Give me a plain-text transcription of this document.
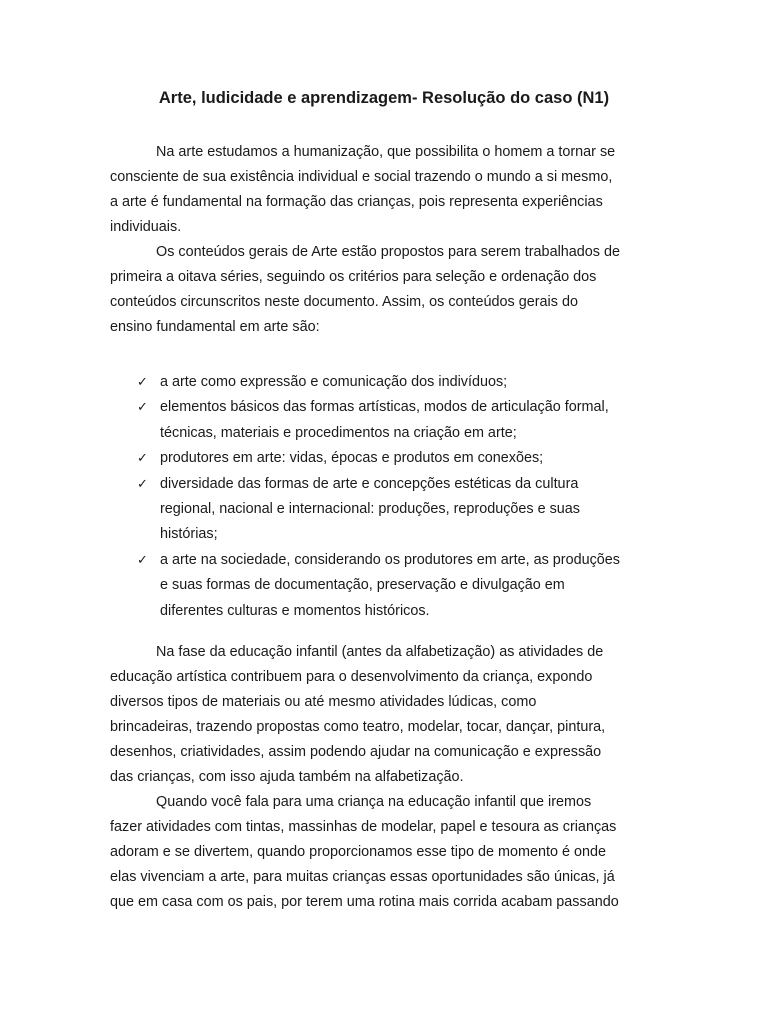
Arte, ludicidade e aprendizagem- Resolução do caso (N1)

Na arte estudamos a humanização, que possibilita o homem a tornar se
consciente de sua existência individual e social trazendo o mundo a si mesmo,
a arte é fundamental na formação das crianças, pois representa experiências
individuais.

Os conteúdos gerais de Arte estão propostos para serem trabalhados de
primeira a oitava séries, seguindo os critérios para seleção e ordenação dos
conteúdos circunscritos neste documento. Assim, os conteúdos gerais do
ensino fundamental em arte são:

✓ a arte como expressão e comunicação dos indivíduos;
✓ elementos básicos das formas artísticas, modos de articulação formal,
técnicas, materiais e procedimentos na criação em arte;
✓ produtores em arte: vidas, épocas e produtos em conexões;
✓ diversidade das formas de arte e concepções estéticas da cultura
regional, nacional e internacional: produções, reproduções e suas
histórias;
✓ a arte na sociedade, considerando os produtores em arte, as produções
e suas formas de documentação, preservação e divulgação em
diferentes culturas e momentos históricos.

Na fase da educação infantil (antes da alfabetização) as atividades de
educação artística contribuem para o desenvolvimento da criança, expondo
diversos tipos de materiais ou até mesmo atividades lúdicas, como
brincadeiras, trazendo propostas como teatro, modelar, tocar, dançar, pintura,
desenhos, criatividades, assim podendo ajudar na comunicação e expressão
das crianças, com isso ajuda também na alfabetização.

Quando você fala para uma criança na educação infantil que iremos
fazer atividades com tintas, massinhas de modelar, papel e tesoura as crianças
adoram e se divertem, quando proporcionamos esse tipo de momento é onde
elas vivenciam a arte, para muitas crianças essas oportunidades são únicas, já
que em casa com os pais, por terem uma rotina mais corrida acabam passando
